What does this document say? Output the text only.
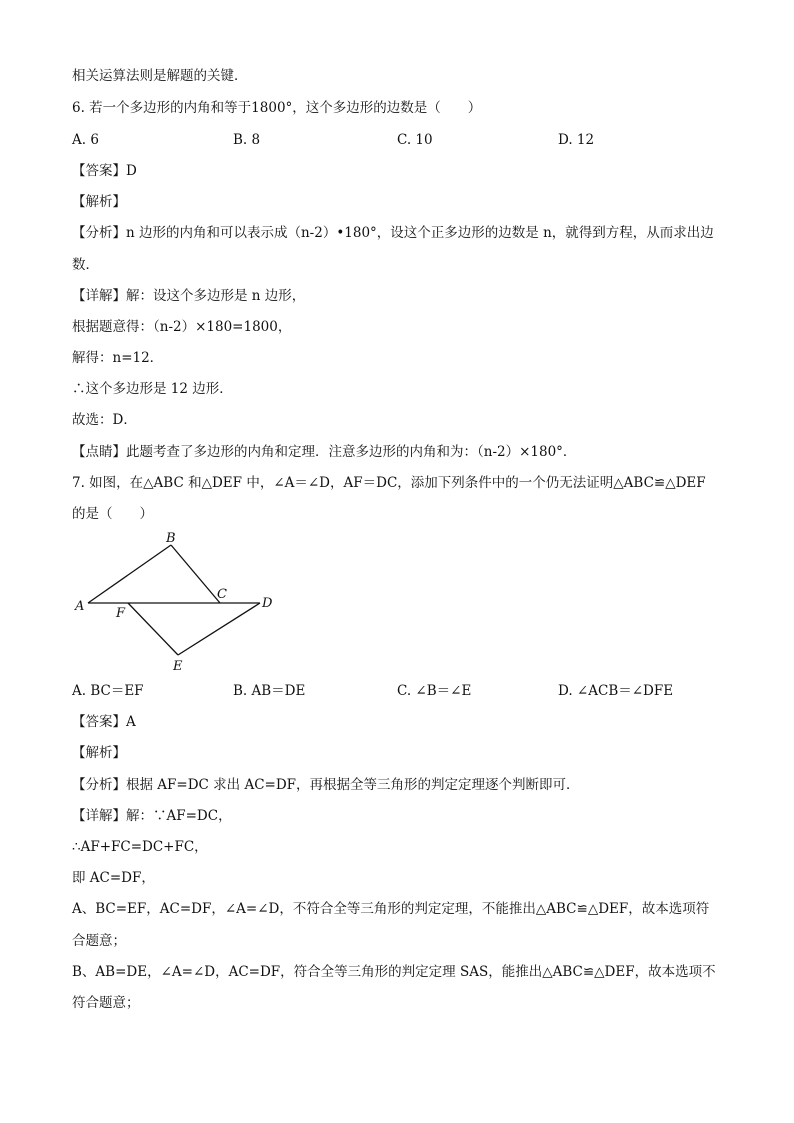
相关运算法则是解题的关键．
6. 若一个多边形的内角和等于1800°，这个多边形的边数是（　　）
A. 6	B. 8	C. 10	D. 12
【答案】D
【解析】
【分析】n 边形的内角和可以表示成（n-2）•180°，设这个正多边形的边数是 n，就得到方程，从而求出边
数．
【详解】解：设这个多边形是 n 边形，
根据题意得：（n-2）×180=1800，
解得：n=12．
∴这个多边形是 12 边形．
故选：D．
【点睛】此题考查了多边形的内角和定理．注意多边形的内角和为：（n-2）×180°．
7. 如图，在△ABC 和△DEF 中，∠A＝∠D，AF＝DC，添加下列条件中的一个仍无法证明△ABC≌△DEF
的是（　　）
A
B
C
D
E
F
A. BC＝EF	B. AB＝DE	C. ∠B＝∠E	D. ∠ACB＝∠DFE
【答案】A
【解析】
【分析】根据 AF=DC 求出 AC=DF，再根据全等三角形的判定定理逐个判断即可．
【详解】解：∵AF=DC，
∴AF+FC=DC+FC，
即 AC=DF，
A、BC=EF，AC=DF，∠A=∠D，不符合全等三角形的判定定理，不能推出△ABC≌△DEF，故本选项符
合题意；
B、AB=DE，∠A=∠D，AC=DF，符合全等三角形的判定定理 SAS，能推出△ABC≌△DEF，故本选项不
符合题意；
